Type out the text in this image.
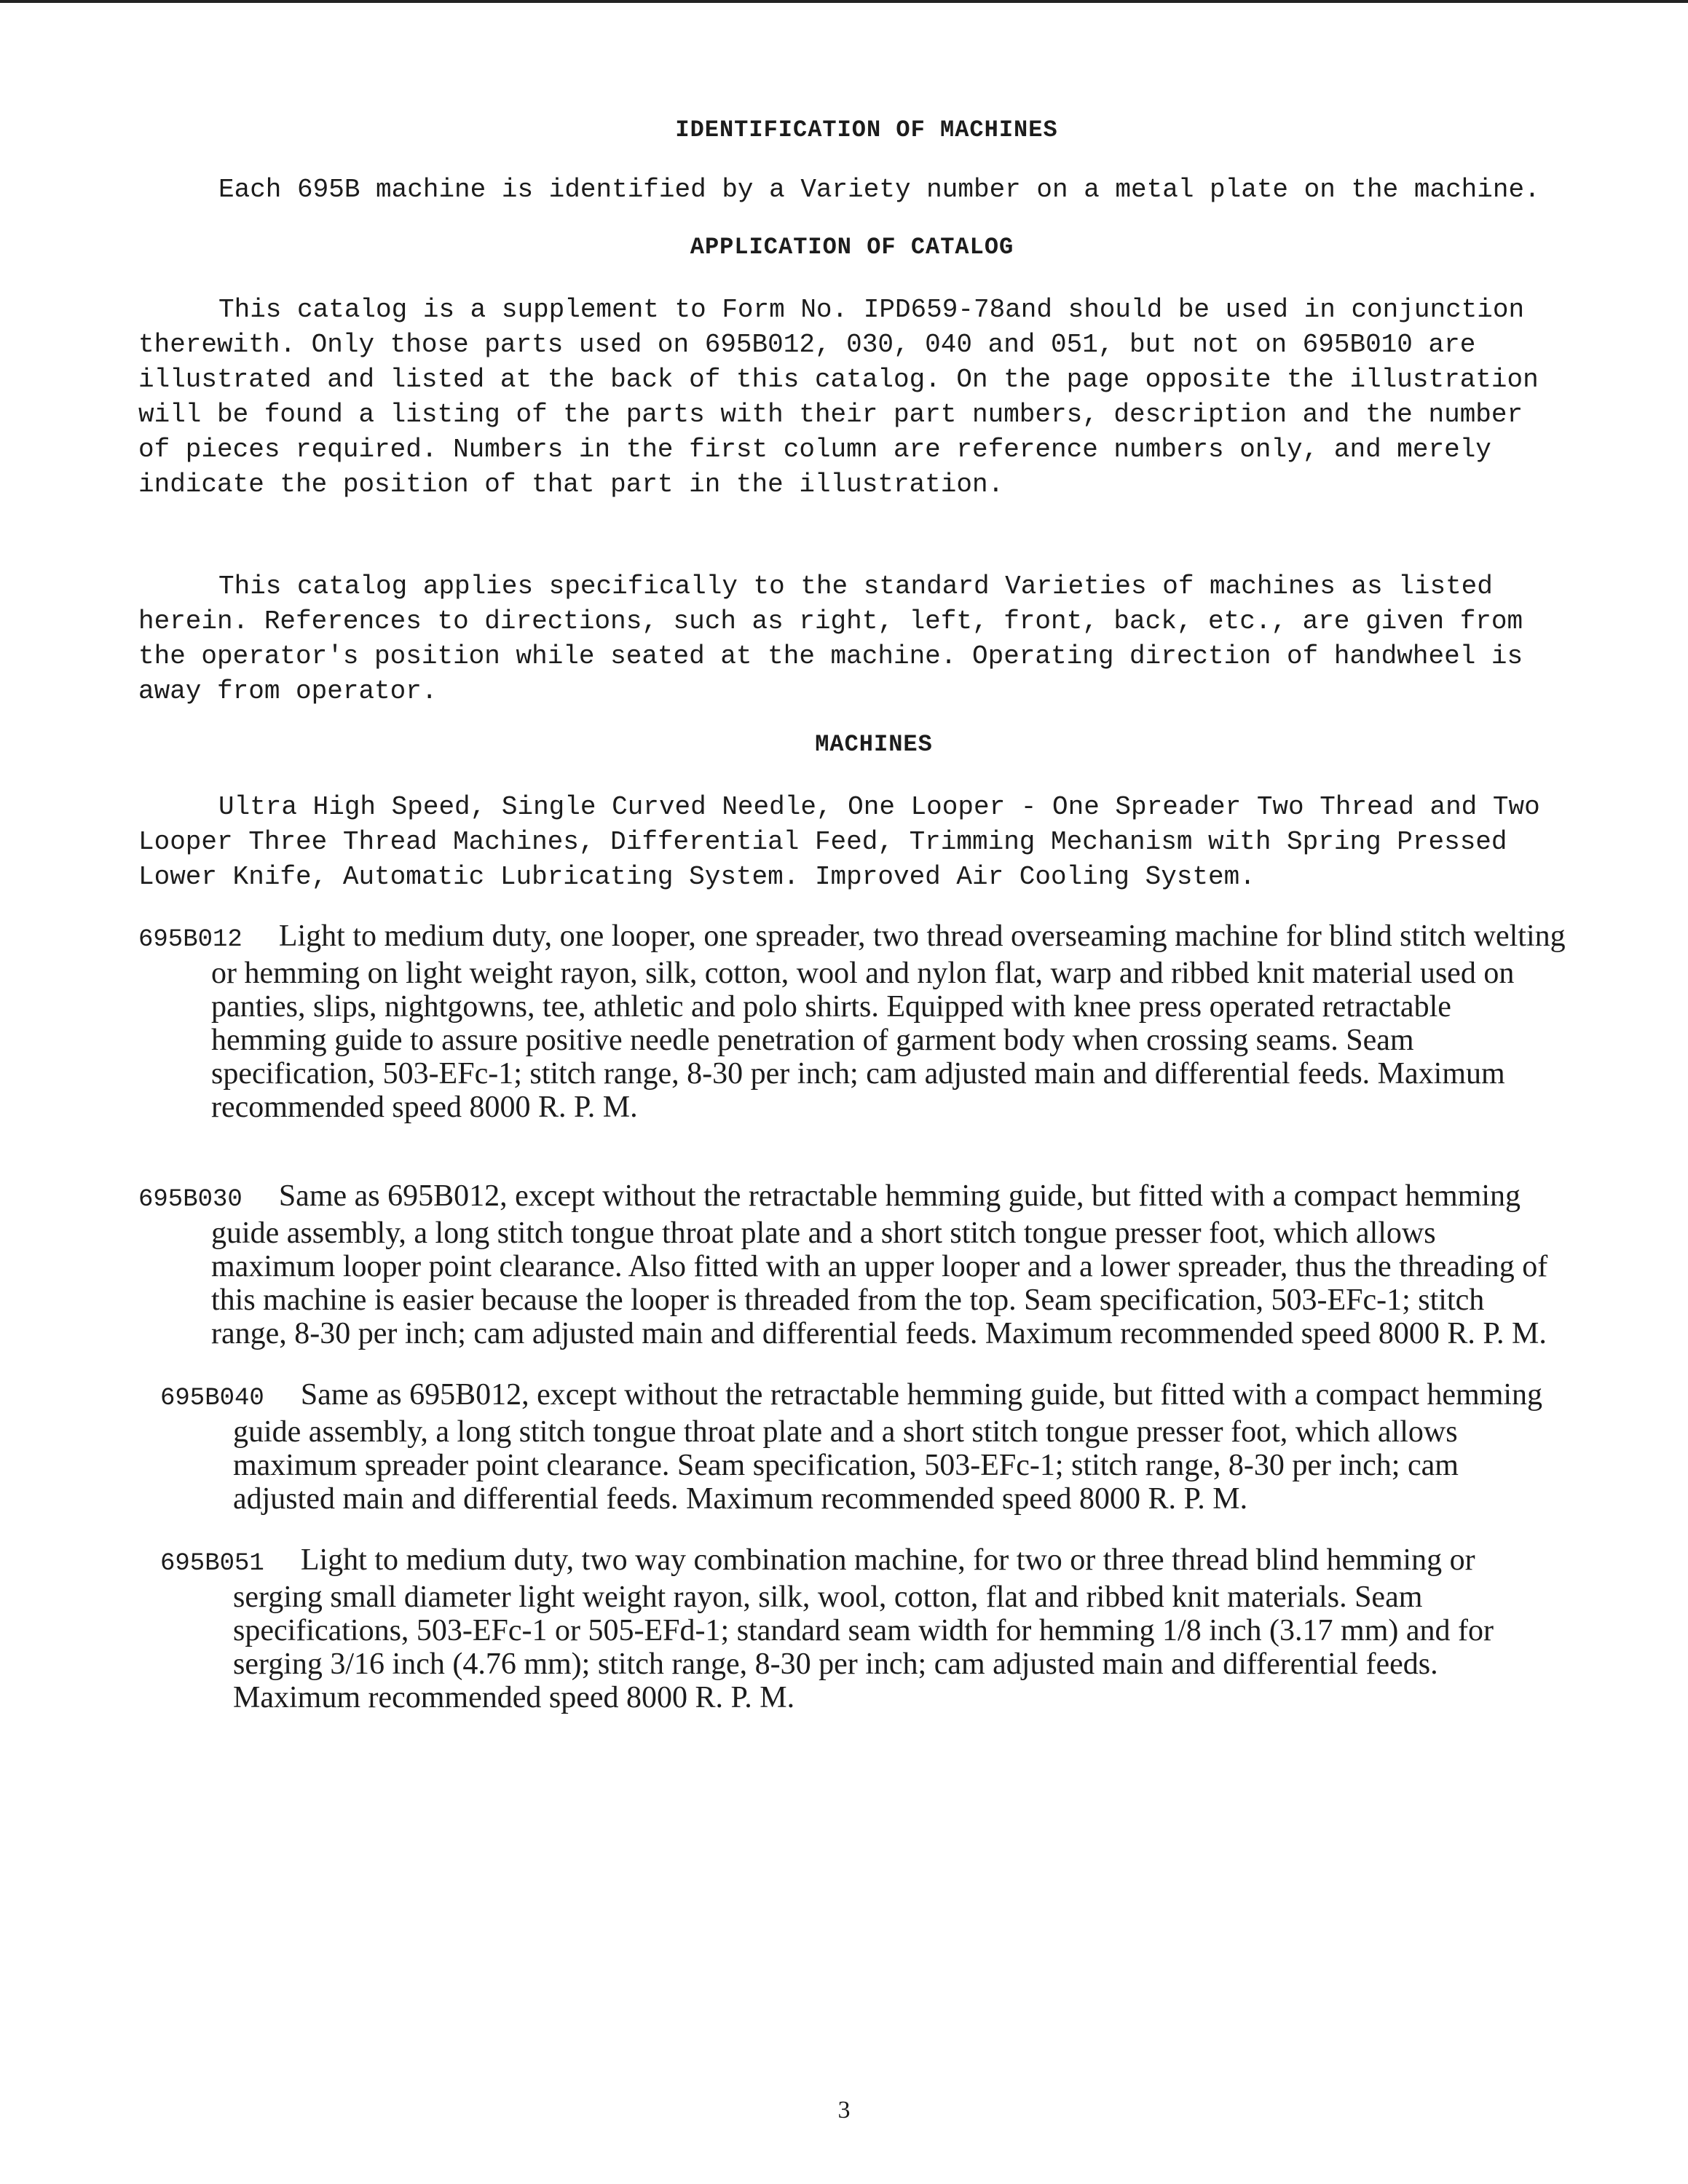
IDENTIFICATION OF MACHINES

Each 695B machine is identified by a Variety number on a metal plate on the machine.

APPLICATION OF CATALOG

This catalog is a supplement to Form No. IPD659-78and should be used in conjunction therewith. Only those parts used on 695B012, 030, 040 and 051, but not on 695B010 are illustrated and listed at the back of this catalog. On the page opposite the illustration will be found a listing of the parts with their part numbers, description and the number of pieces required. Numbers in the first column are reference numbers only, and merely indicate the position of that part in the illustration.

This catalog applies specifically to the standard Varieties of machines as listed herein. References to directions, such as right, left, front, back, etc., are given from the operator's position while seated at the machine. Operating direction of handwheel is away from operator.

MACHINES

Ultra High Speed, Single Curved Needle, One Looper - One Spreader Two Thread and Two Looper Three Thread Machines, Differential Feed, Trimming Mechanism with Spring Pressed Lower Knife, Automatic Lubricating System. Improved Air Cooling System.

695B012 Light to medium duty, one looper, one spreader, two thread overseaming machine for blind stitch welting or hemming on light weight rayon, silk, cotton, wool and nylon flat, warp and ribbed knit material used on panties, slips, nightgowns, tee, athletic and polo shirts. Equipped with knee press operated retractable hemming guide to assure positive needle penetration of garment body when crossing seams. Seam specification, 503-EFc-1; stitch range, 8-30 per inch; cam adjusted main and differential feeds. Maximum recommended speed 8000 R. P. M.
695B030 Same as 695B012, except without the retractable hemming guide, but fitted with a compact hemming guide assembly, a long stitch tongue throat plate and a short stitch tongue presser foot, which allows maximum looper point clearance. Also fitted with an upper looper and a lower spreader, thus the threading of this machine is easier because the looper is threaded from the top. Seam specification, 503-EFc-1; stitch range, 8-30 per inch; cam adjusted main and differential feeds. Maximum recommended speed 8000 R. P. M.
695B040 Same as 695B012, except without the retractable hemming guide, but fitted with a compact hemming guide assembly, a long stitch tongue throat plate and a short stitch tongue presser foot, which allows maximum spreader point clearance. Seam specification, 503-EFc-1; stitch range, 8-30 per inch; cam adjusted main and differential feeds. Maximum recommended speed 8000 R. P. M.
695B051 Light to medium duty, two way combination machine, for two or three thread blind hemming or serging small diameter light weight rayon, silk, wool, cotton, flat and ribbed knit materials. Seam specifications, 503-EFc-1 or 505-EFd-1; standard seam width for hemming 1/8 inch (3.17 mm) and for serging 3/16 inch (4.76 mm); stitch range, 8-30 per inch; cam adjusted main and differential feeds. Maximum recommended speed 8000 R. P. M.
3
